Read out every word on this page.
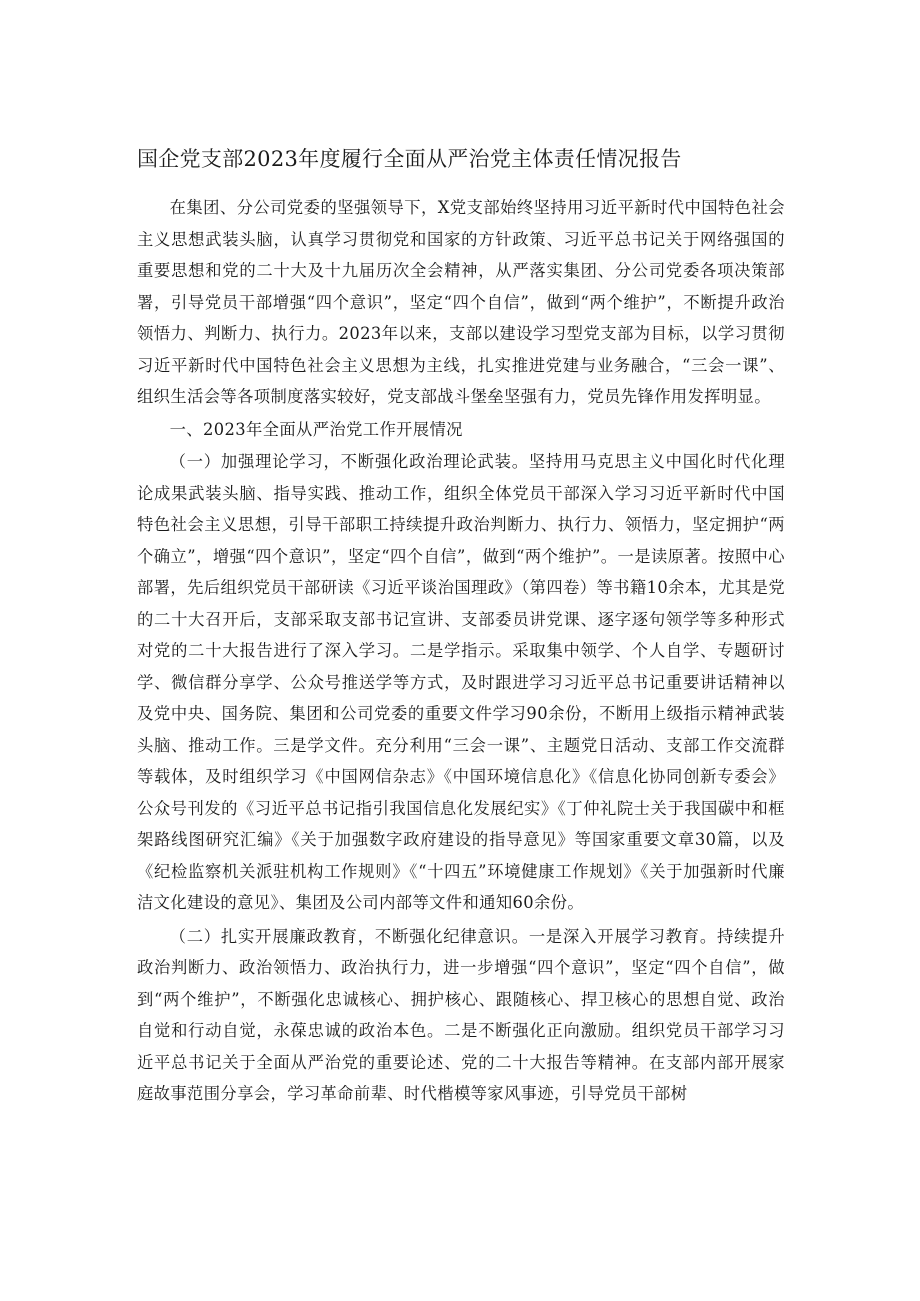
国企党支部2023年度履行全面从严治党主体责任情况报告

在集团、分公司党委的坚强领导下，X党支部始终坚持用习近平新时代中国特色社会主义思想武装头脑，认真学习贯彻党和国家的方针政策、习近平总书记关于网络强国的重要思想和党的二十大及十九届历次全会精神，从严落实集团、分公司党委各项决策部署，引导党员干部增强“四个意识”，坚定“四个自信”，做到“两个维护”，不断提升政治领悟力、判断力、执行力。2023年以来，支部以建设学习型党支部为目标，以学习贯彻习近平新时代中国特色社会主义思想为主线，扎实推进党建与业务融合，“三会一课”、组织生活会等各项制度落实较好，党支部战斗堡垒坚强有力，党员先锋作用发挥明显。

一、2023年全面从严治党工作开展情况

（一）加强理论学习，不断强化政治理论武装。坚持用马克思主义中国化时代化理论成果武装头脑、指导实践、推动工作，组织全体党员干部深入学习习近平新时代中国特色社会主义思想，引导干部职工持续提升政治判断力、执行力、领悟力，坚定拥护“两个确立”，增强“四个意识”，坚定“四个自信”，做到“两个维护”。一是读原著。按照中心部署，先后组织党员干部研读《习近平谈治国理政》（第四卷）等书籍10余本，尤其是党的二十大召开后，支部采取支部书记宣讲、支部委员讲党课、逐字逐句领学等多种形式对党的二十大报告进行了深入学习。二是学指示。采取集中领学、个人自学、专题研讨学、微信群分享学、公众号推送学等方式，及时跟进学习习近平总书记重要讲话精神以及党中央、国务院、集团和公司党委的重要文件学习90余份，不断用上级指示精神武装头脑、推动工作。三是学文件。充分利用“三会一课”、主题党日活动、支部工作交流群等载体，及时组织学习《中国网信杂志》《中国环境信息化》《信息化协同创新专委会》公众号刊发的《习近平总书记指引我国信息化发展纪实》《丁仲礼院士关于我国碳中和框架路线图研究汇编》《关于加强数字政府建设的指导意见》等国家重要文章30篇，以及《纪检监察机关派驻机构工作规则》《“十四五”环境健康工作规划》《关于加强新时代廉洁文化建设的意见》、集团及公司内部等文件和通知60余份。

（二）扎实开展廉政教育，不断强化纪律意识。一是深入开展学习教育。持续提升政治判断力、政治领悟力、政治执行力，进一步增强“四个意识”，坚定“四个自信”，做到“两个维护”，不断强化忠诚核心、拥护核心、跟随核心、捍卫核心的思想自觉、政治自觉和行动自觉，永葆忠诚的政治本色。二是不断强化正向激励。组织党员干部学习习近平总书记关于全面从严治党的重要论述、党的二十大报告等精神。在支部内部开展家庭故事范围分享会，学习革命前辈、时代楷模等家风事迹，引导党员干部树
